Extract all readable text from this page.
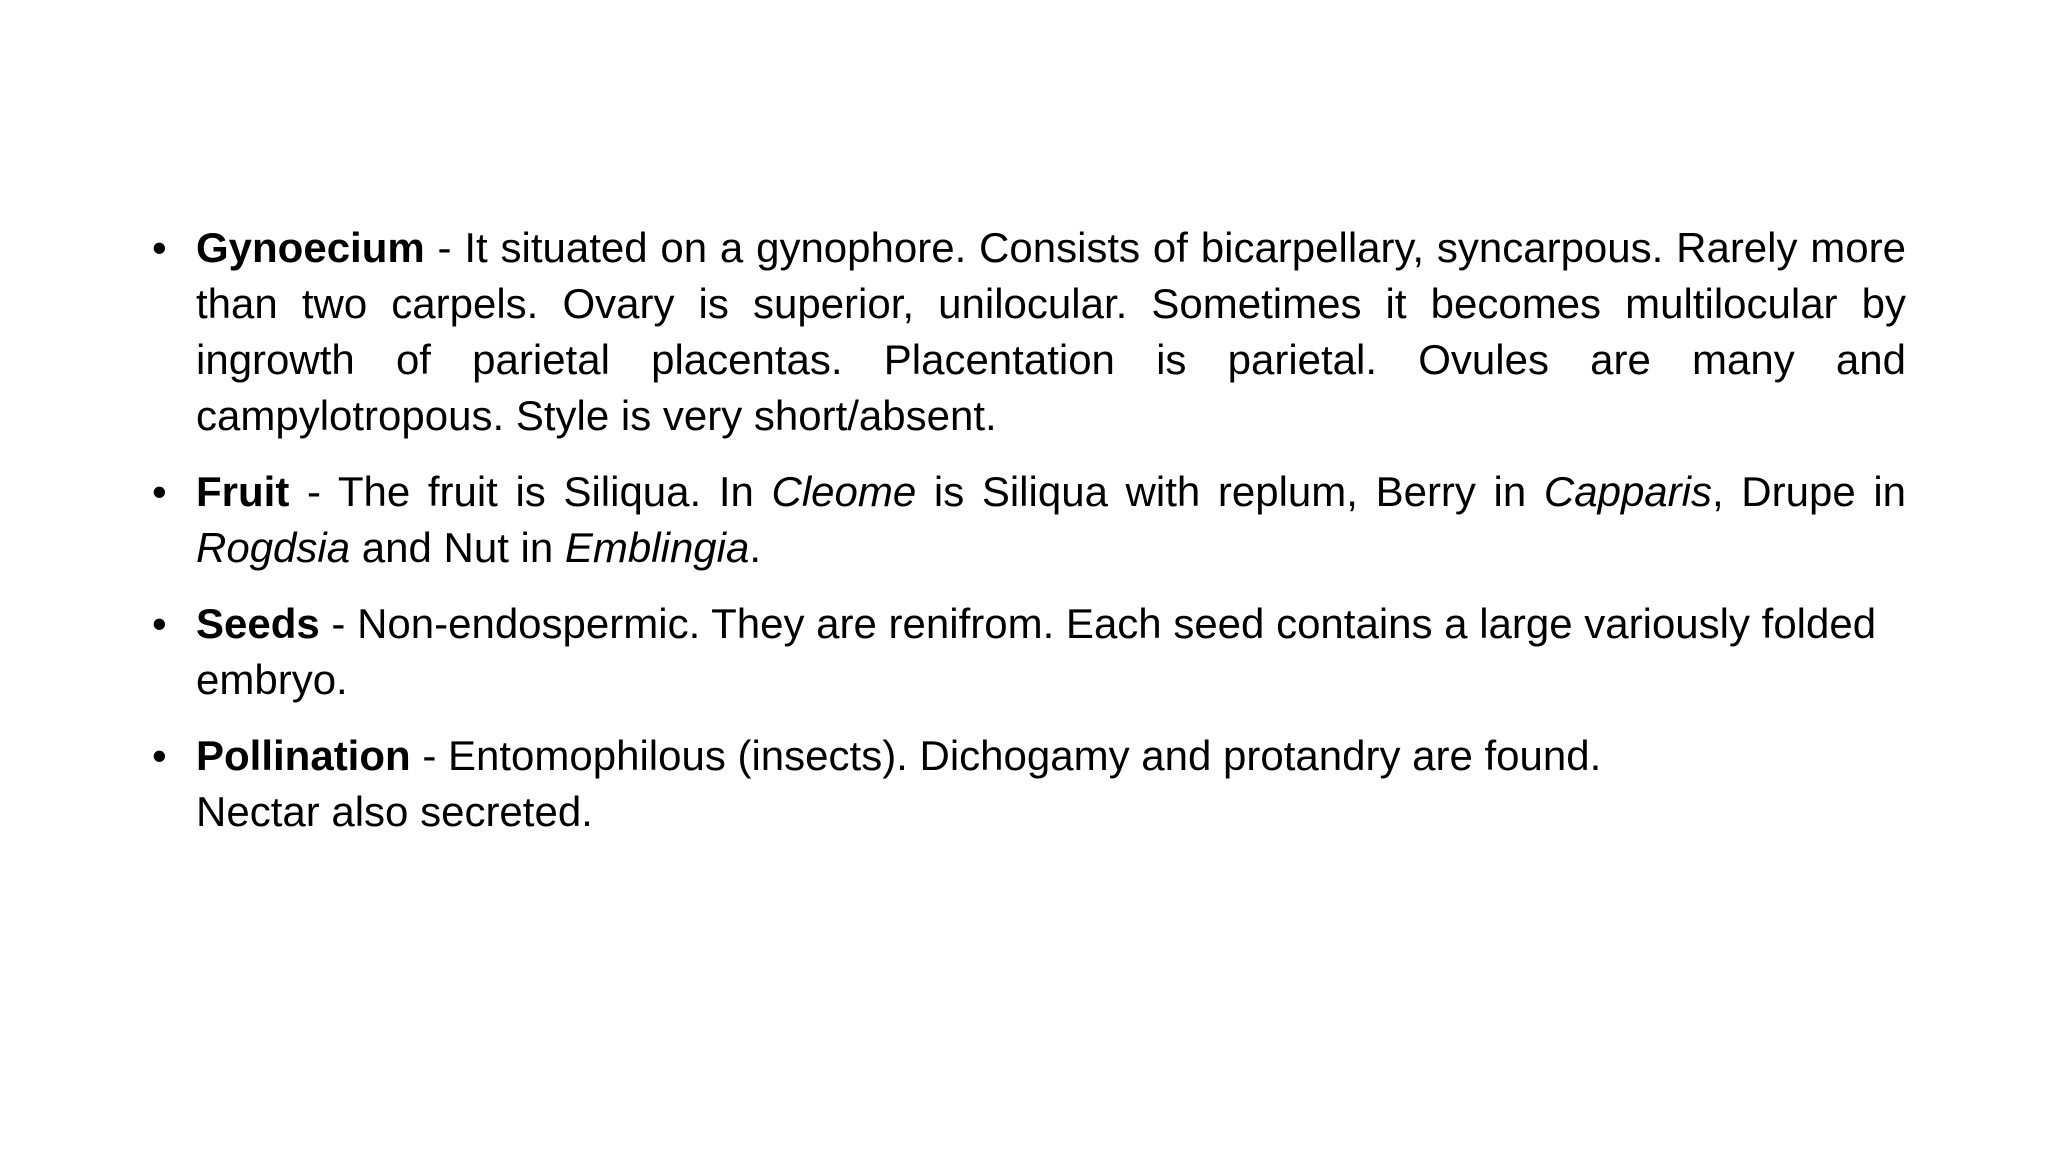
• Gynoecium - It situated on a gynophore. Consists of bicarpellary, syncarpous. Rarely more than two carpels. Ovary is superior, unilocular. Sometimes it becomes multilocular by ingrowth of parietal placentas. Placentation is parietal. Ovules are many and campylotropous. Style is very short/absent.
• Fruit - The fruit is Siliqua. In Cleome is Siliqua with replum, Berry in Capparis, Drupe in Rogdsia and Nut in Emblingia.
• Seeds - Non-endospermic. They are renifrom. Each seed contains a large variously folded embryo.
• Pollination - Entomophilous (insects). Dichogamy and protandry are found.
Nectar also secreted.
